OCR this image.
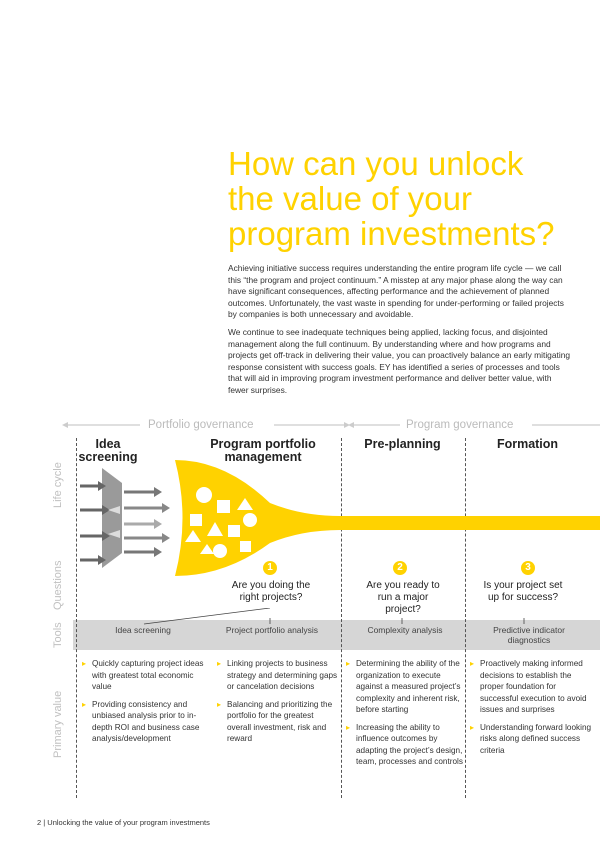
How can you unlock the value of your program investments?

Achieving initiative success requires understanding the entire program life cycle — we call this “the program and project continuum.” A misstep at any major phase along the way can have significant consequences, affecting performance and the achievement of planned outcomes. Unfortunately, the vast waste in spending for under-performing or failed projects by companies is both unnecessary and avoidable.

We continue to see inadequate techniques being applied, lacking focus, and disjointed management along the full continuum. By understanding where and how programs and projects get off-track in delivering their value, you can proactively balance an early mitigating response consistent with success goals. EY has identified a series of processes and tools that will aid in improving program investment performance and deliver better value, with fewer surprises.

Portfolio governance	Program governance
Idea screening
Program portfolio management
Pre-planning	Formation
Life cycle
Questions
Tools
Primary value
1	2	3
Are you doing the right projects?
Are you ready to run a major project?
Is your project set up for success?
Idea screening	Project portfolio analysis	Complexity analysis	Predictive indicator diagnostics
▸ Quickly capturing project ideas with greatest total economic value
▸ Providing consistency and unbiased analysis prior to in-depth ROI and business case analysis/development
▸ Linking projects to business strategy and determining gaps or cancelation decisions
▸ Balancing and prioritizing the portfolio for the greatest overall investment, risk and reward
▸ Determining the ability of the organization to execute against a measured project’s complexity and inherent risk, before starting
▸ Increasing the ability to influence outcomes by adapting the project’s design, team, processes and controls
▸ Proactively making informed decisions to establish the proper foundation for successful execution to avoid issues and surprises
▸ Understanding forward looking risks along defined success criteria
2 | Unlocking the value of your program investments
